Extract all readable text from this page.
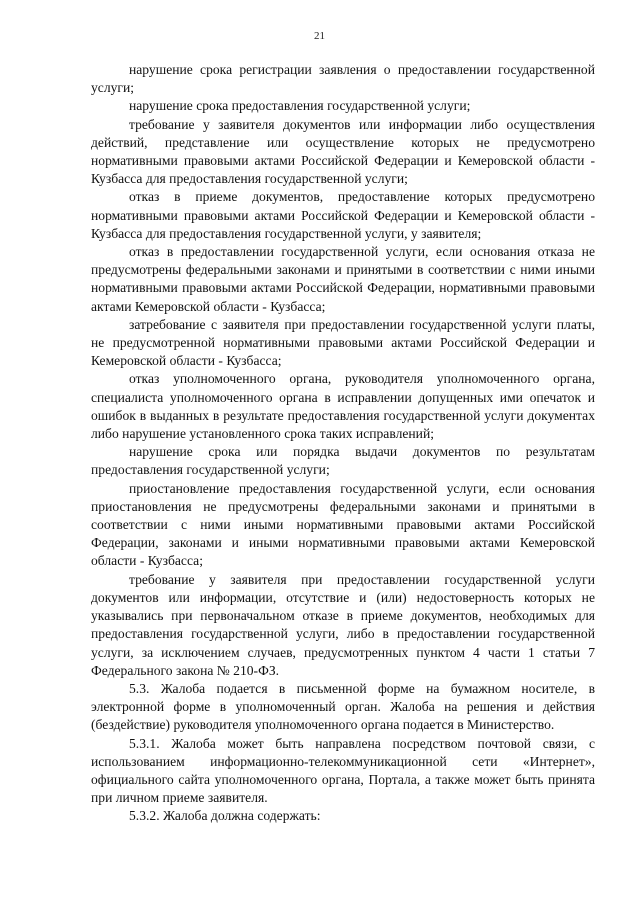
21

нарушение срока регистрации заявления о предоставлении государственной услуги;

нарушение срока предоставления государственной услуги;

требование у заявителя документов или информации либо осуществления действий, представление или осуществление которых не предусмотрено нормативными правовыми актами Российской Федерации и Кемеровской области - Кузбасса для предоставления государственной услуги;

отказ в приеме документов, предоставление которых предусмотрено нормативными правовыми актами Российской Федерации и Кемеровской области - Кузбасса для предоставления государственной услуги, у заявителя;

отказ в предоставлении государственной услуги, если основания отказа не предусмотрены федеральными законами и принятыми в соответствии с ними иными нормативными правовыми актами Российской Федерации, нормативными правовыми актами Кемеровской области - Кузбасса;

затребование с заявителя при предоставлении государственной услуги платы, не предусмотренной нормативными правовыми актами Российской Федерации и Кемеровской области - Кузбасса;

отказ уполномоченного органа, руководителя уполномоченного органа, специалиста уполномоченного органа в исправлении допущенных ими опечаток и ошибок в выданных в результате предоставления государственной услуги документах либо нарушение установленного срока таких исправлений;

нарушение срока или порядка выдачи документов по результатам предоставления государственной услуги;

приостановление предоставления государственной услуги, если основания приостановления не предусмотрены федеральными законами и принятыми в соответствии с ними иными нормативными правовыми актами Российской Федерации, законами и иными нормативными правовыми актами Кемеровской области - Кузбасса;

требование у заявителя при предоставлении государственной услуги документов или информации, отсутствие и (или) недостоверность которых не указывались при первоначальном отказе в приеме документов, необходимых для предоставления государственной услуги, либо в предоставлении государственной услуги, за исключением случаев, предусмотренных пунктом 4 части 1 статьи 7 Федерального закона № 210-ФЗ.

5.3. Жалоба подается в письменной форме на бумажном носителе, в электронной форме в уполномоченный орган. Жалоба на решения и действия (бездействие) руководителя уполномоченного органа подается в Министерство.

5.3.1. Жалоба может быть направлена посредством почтовой связи, с использованием информационно-телекоммуникационной сети «Интернет», официального сайта уполномоченного органа, Портала, а также может быть принята при личном приеме заявителя.

5.3.2. Жалоба должна содержать:
